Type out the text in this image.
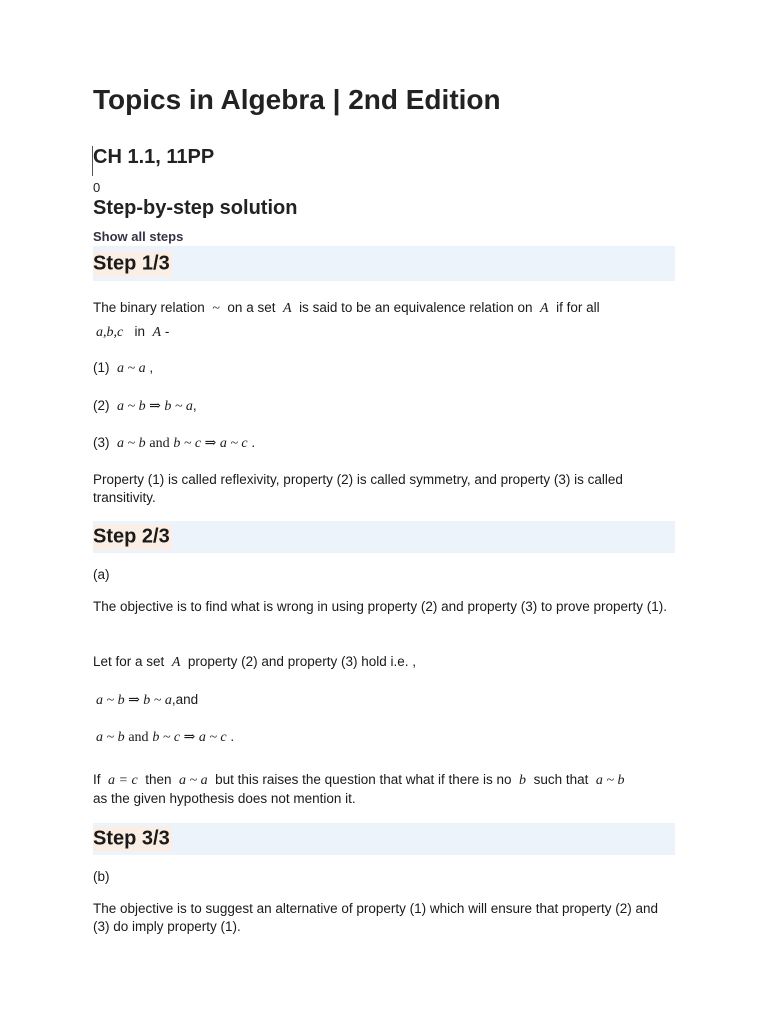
Topics in Algebra | 2nd Edition
CH 1.1, 11PP
0
Step-by-step solution
Show all steps
Step 1/3
The binary relation ~ on a set A is said to be an equivalence relation on A if for all
a,b,c in A -
(1) a ~ a ,
(2) a ~ b ⇒ b ~ a,
(3) a ~ b and b ~ c ⇒ a ~ c .
Property (1) is called reflexivity, property (2) is called symmetry, and property (3) is called transitivity.
Step 2/3
(a)
The objective is to find what is wrong in using property (2) and property (3) to prove property (1).
Let for a set A property (2) and property (3) hold i.e. ,
a ~ b ⇒ b ~ a,and
a ~ b and b ~ c ⇒ a ~ c .
If a = c then a ~ a but this raises the question that what if there is no b such that a ~ b
as the given hypothesis does not mention it.
Step 3/3
(b)
The objective is to suggest an alternative of property (1) which will ensure that property (2) and (3) do imply property (1).
